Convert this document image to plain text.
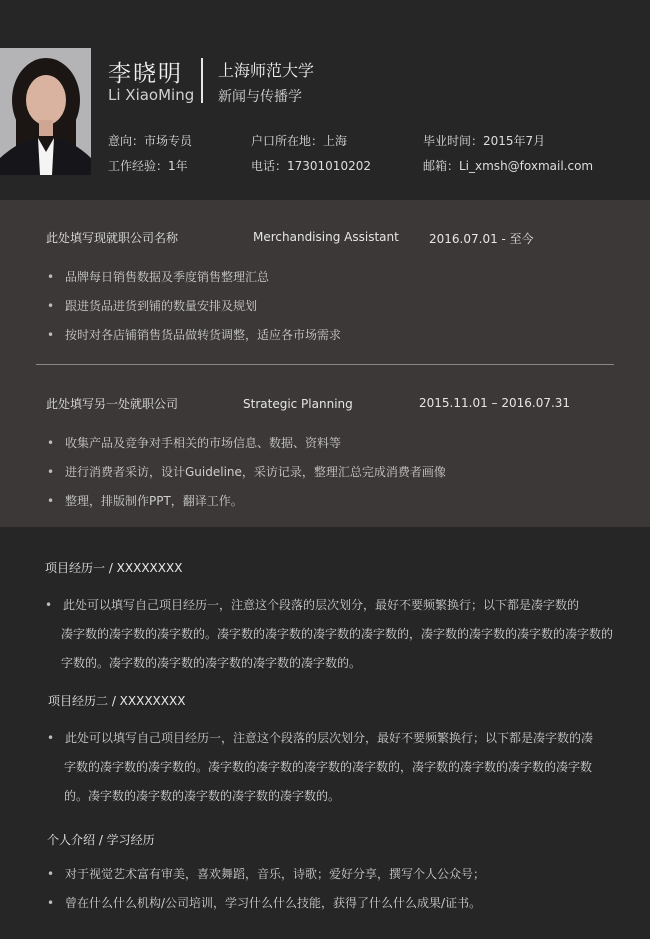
李晓明
Li XiaoMing
上海师范大学
新闻与传播学
意向：市场专员	户口所在地：上海	毕业时间：2015年7月
工作经验：1年	电话：17301010202	邮箱：Li_xmsh@foxmail.com
此处填写现就职公司名称	Merchandising Assistant	2016.07.01 - 至今
• 品牌每日销售数据及季度销售整理汇总
• 跟进货品进货到铺的数量安排及规划
• 按时对各店铺销售货品做转货调整，适应各市场需求
此处填写另一处就职公司	Strategic Planning	2015.11.01 – 2016.07.31
• 收集产品及竞争对手相关的市场信息、数据、资料等
• 进行消费者采访，设计Guideline，采访记录，整理汇总完成消费者画像
• 整理，排版制作PPT，翻译工作。
项目经历一 / XXXXXXXX
• 此处可以填写自己项目经历一，注意这个段落的层次划分，最好不要频繁换行；以下都是凑字数的
凑字数的凑字数的凑字数的。凑字数的凑字数的凑字数的凑字数的，凑字数的凑字数的凑字数的凑字数的
字数的。凑字数的凑字数的凑字数的凑字数的凑字数的。
项目经历二 / XXXXXXXX
• 此处可以填写自己项目经历一，注意这个段落的层次划分，最好不要频繁换行；以下都是凑字数的凑
字数的凑字数的凑字数的。凑字数的凑字数的凑字数的凑字数的，凑字数的凑字数的凑字数的凑字数
的。凑字数的凑字数的凑字数的凑字数的凑字数的。
个人介绍 / 学习经历
• 对于视觉艺术富有审美，喜欢舞蹈，音乐，诗歌；爱好分享，撰写个人公众号；
• 曾在什么什么机构/公司培训，学习什么什么技能，获得了什么什么成果/证书。
